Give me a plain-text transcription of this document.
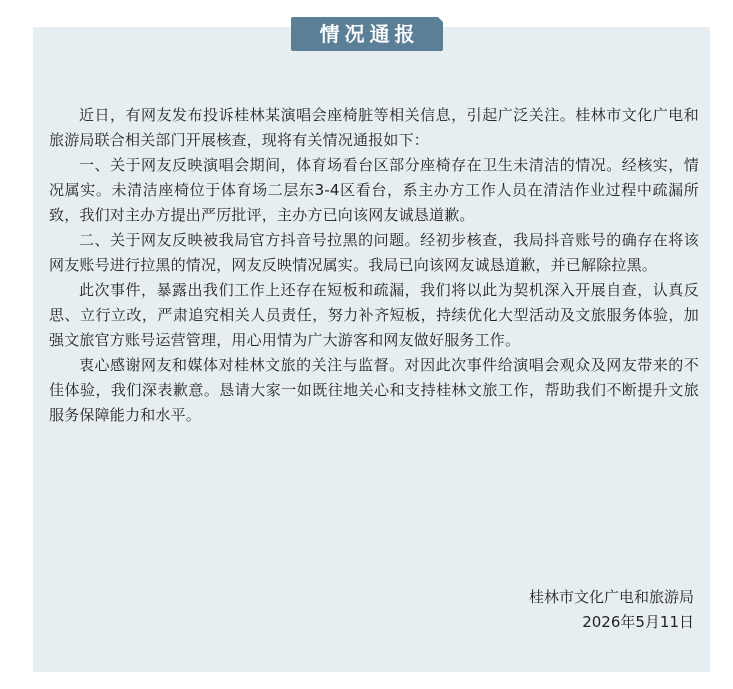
情况通报

近日，有网友发布投诉桂林某演唱会座椅脏等相关信息，引起广泛关注。桂林市文化广电和旅游局联合相关部门开展核查，现将有关情况通报如下：

一、关于网友反映演唱会期间，体育场看台区部分座椅存在卫生未清洁的情况。经核实，情况属实。未清洁座椅位于体育场二层东3-4区看台，系主办方工作人员在清洁作业过程中疏漏所致，我们对主办方提出严厉批评，主办方已向该网友诚恳道歉。

二、关于网友反映被我局官方抖音号拉黑的问题。经初步核查，我局抖音账号的确存在将该网友账号进行拉黑的情况，网友反映情况属实。我局已向该网友诚恳道歉，并已解除拉黑。

此次事件，暴露出我们工作上还存在短板和疏漏，我们将以此为契机深入开展自查，认真反思、立行立改，严肃追究相关人员责任，努力补齐短板，持续优化大型活动及文旅服务体验，加强文旅官方账号运营管理，用心用情为广大游客和网友做好服务工作。

衷心感谢网友和媒体对桂林文旅的关注与监督。对因此次事件给演唱会观众及网友带来的不佳体验，我们深表歉意。恳请大家一如既往地关心和支持桂林文旅工作，帮助我们不断提升文旅服务保障能力和水平。

桂林市文化广电和旅游局
2026年5月11日
